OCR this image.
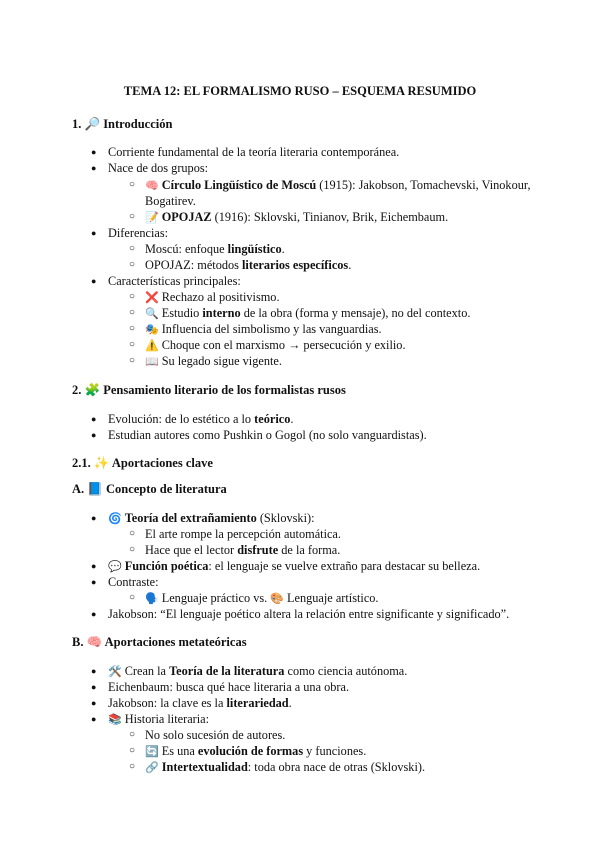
TEMA 12: EL FORMALISMO RUSO – ESQUEMA RESUMIDO
1. 🔎 Introducción
● Corriente fundamental de la teoría literaria contemporánea.
● Nace de dos grupos:
○ 🧠 Círculo Lingüístico de Moscú (1915): Jakobson, Tomachevski, Vinokour,
Bogatirev.
○ 📝 OPOJAZ (1916): Sklovski, Tinianov, Brik, Eichembaum.
● Diferencias:
○ Moscú: enfoque lingüístico.
○ OPOJAZ: métodos literarios específicos.
● Características principales:
○ ❌ Rechazo al positivismo.
○ 🔍 Estudio interno de la obra (forma y mensaje), no del contexto.
○ 🎭 Influencia del simbolismo y las vanguardias.
○ ⚠️ Choque con el marxismo → persecución y exilio.
○ 📖 Su legado sigue vigente.
2. 🧩 Pensamiento literario de los formalistas rusos
● Evolución: de lo estético a lo teórico.
● Estudian autores como Pushkin o Gogol (no solo vanguardistas).
2.1. ✨ Aportaciones clave
A. 📘 Concepto de literatura
● 🌀 Teoría del extrañamiento (Sklovski):
○ El arte rompe la percepción automática.
○ Hace que el lector disfrute de la forma.
● 💬 Función poética: el lenguaje se vuelve extraño para destacar su belleza.
● Contraste:
○ 🗣️ Lenguaje práctico vs. 🎨 Lenguaje artístico.
● Jakobson: “El lenguaje poético altera la relación entre significante y significado”.
B. 🧠 Aportaciones metateóricas
● 🛠️ Crean la Teoría de la literatura como ciencia autónoma.
● Eichenbaum: busca qué hace literaria a una obra.
● Jakobson: la clave es la literariedad.
● 📚 Historia literaria:
○ No solo sucesión de autores.
○ 🔄 Es una evolución de formas y funciones.
○ 🔗 Intertextualidad: toda obra nace de otras (Sklovski).
